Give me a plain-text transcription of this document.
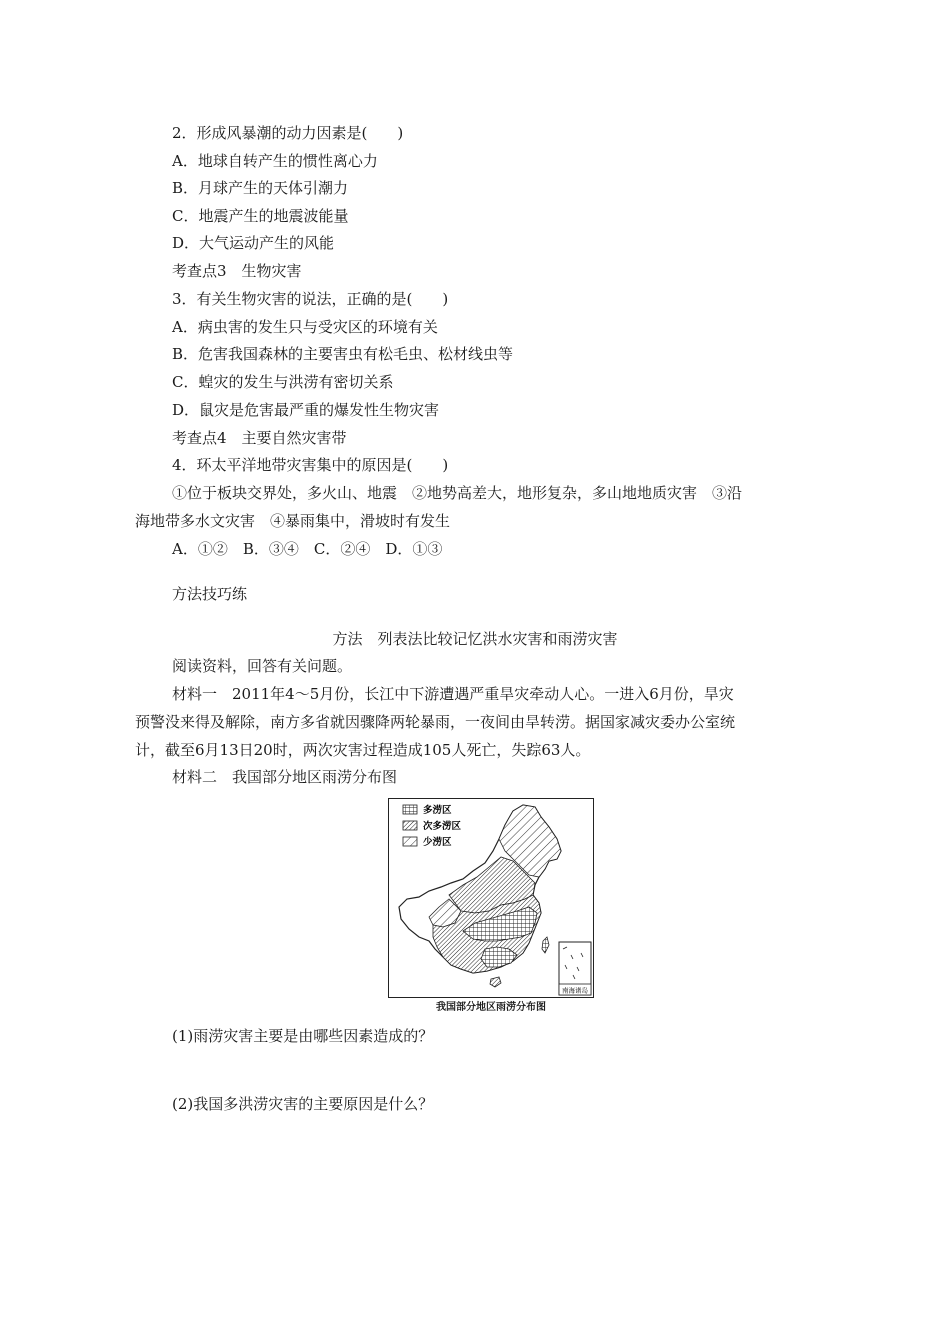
2．形成风暴潮的动力因素是(　　)
A．地球自转产生的惯性离心力
B．月球产生的天体引潮力
C．地震产生的地震波能量
D．大气运动产生的风能
考查点3　生物灾害
3．有关生物灾害的说法，正确的是(　　)
A．病虫害的发生只与受灾区的环境有关
B．危害我国森林的主要害虫有松毛虫、松材线虫等
C．蝗灾的发生与洪涝有密切关系
D．鼠灾是危害最严重的爆发性生物灾害
考查点4　主要自然灾害带
4．环太平洋地带灾害集中的原因是(　　)
①位于板块交界处，多火山、地震　②地势高差大，地形复杂，多山地地质灾害　③沿
海地带多水文灾害　④暴雨集中，滑坡时有发生
A．①②　B．③④　C．②④　D．①③
方法技巧练
方法　列表法比较记忆洪水灾害和雨涝灾害
阅读资料，回答有关问题。
材料一　2011年4～5月份，长江中下游遭遇严重旱灾牵动人心。一进入6月份，旱灾
预警没来得及解除，南方多省就因骤降两轮暴雨，一夜间由旱转涝。据国家减灾委办公室统
计，截至6月13日20时，两次灾害过程造成105人死亡，失踪63人。
材料二　我国部分地区雨涝分布图
多涝区
次多涝区
少涝区
南海诸岛
我国部分地区雨涝分布图
(1)雨涝灾害主要是由哪些因素造成的？
(2)我国多洪涝灾害的主要原因是什么？
